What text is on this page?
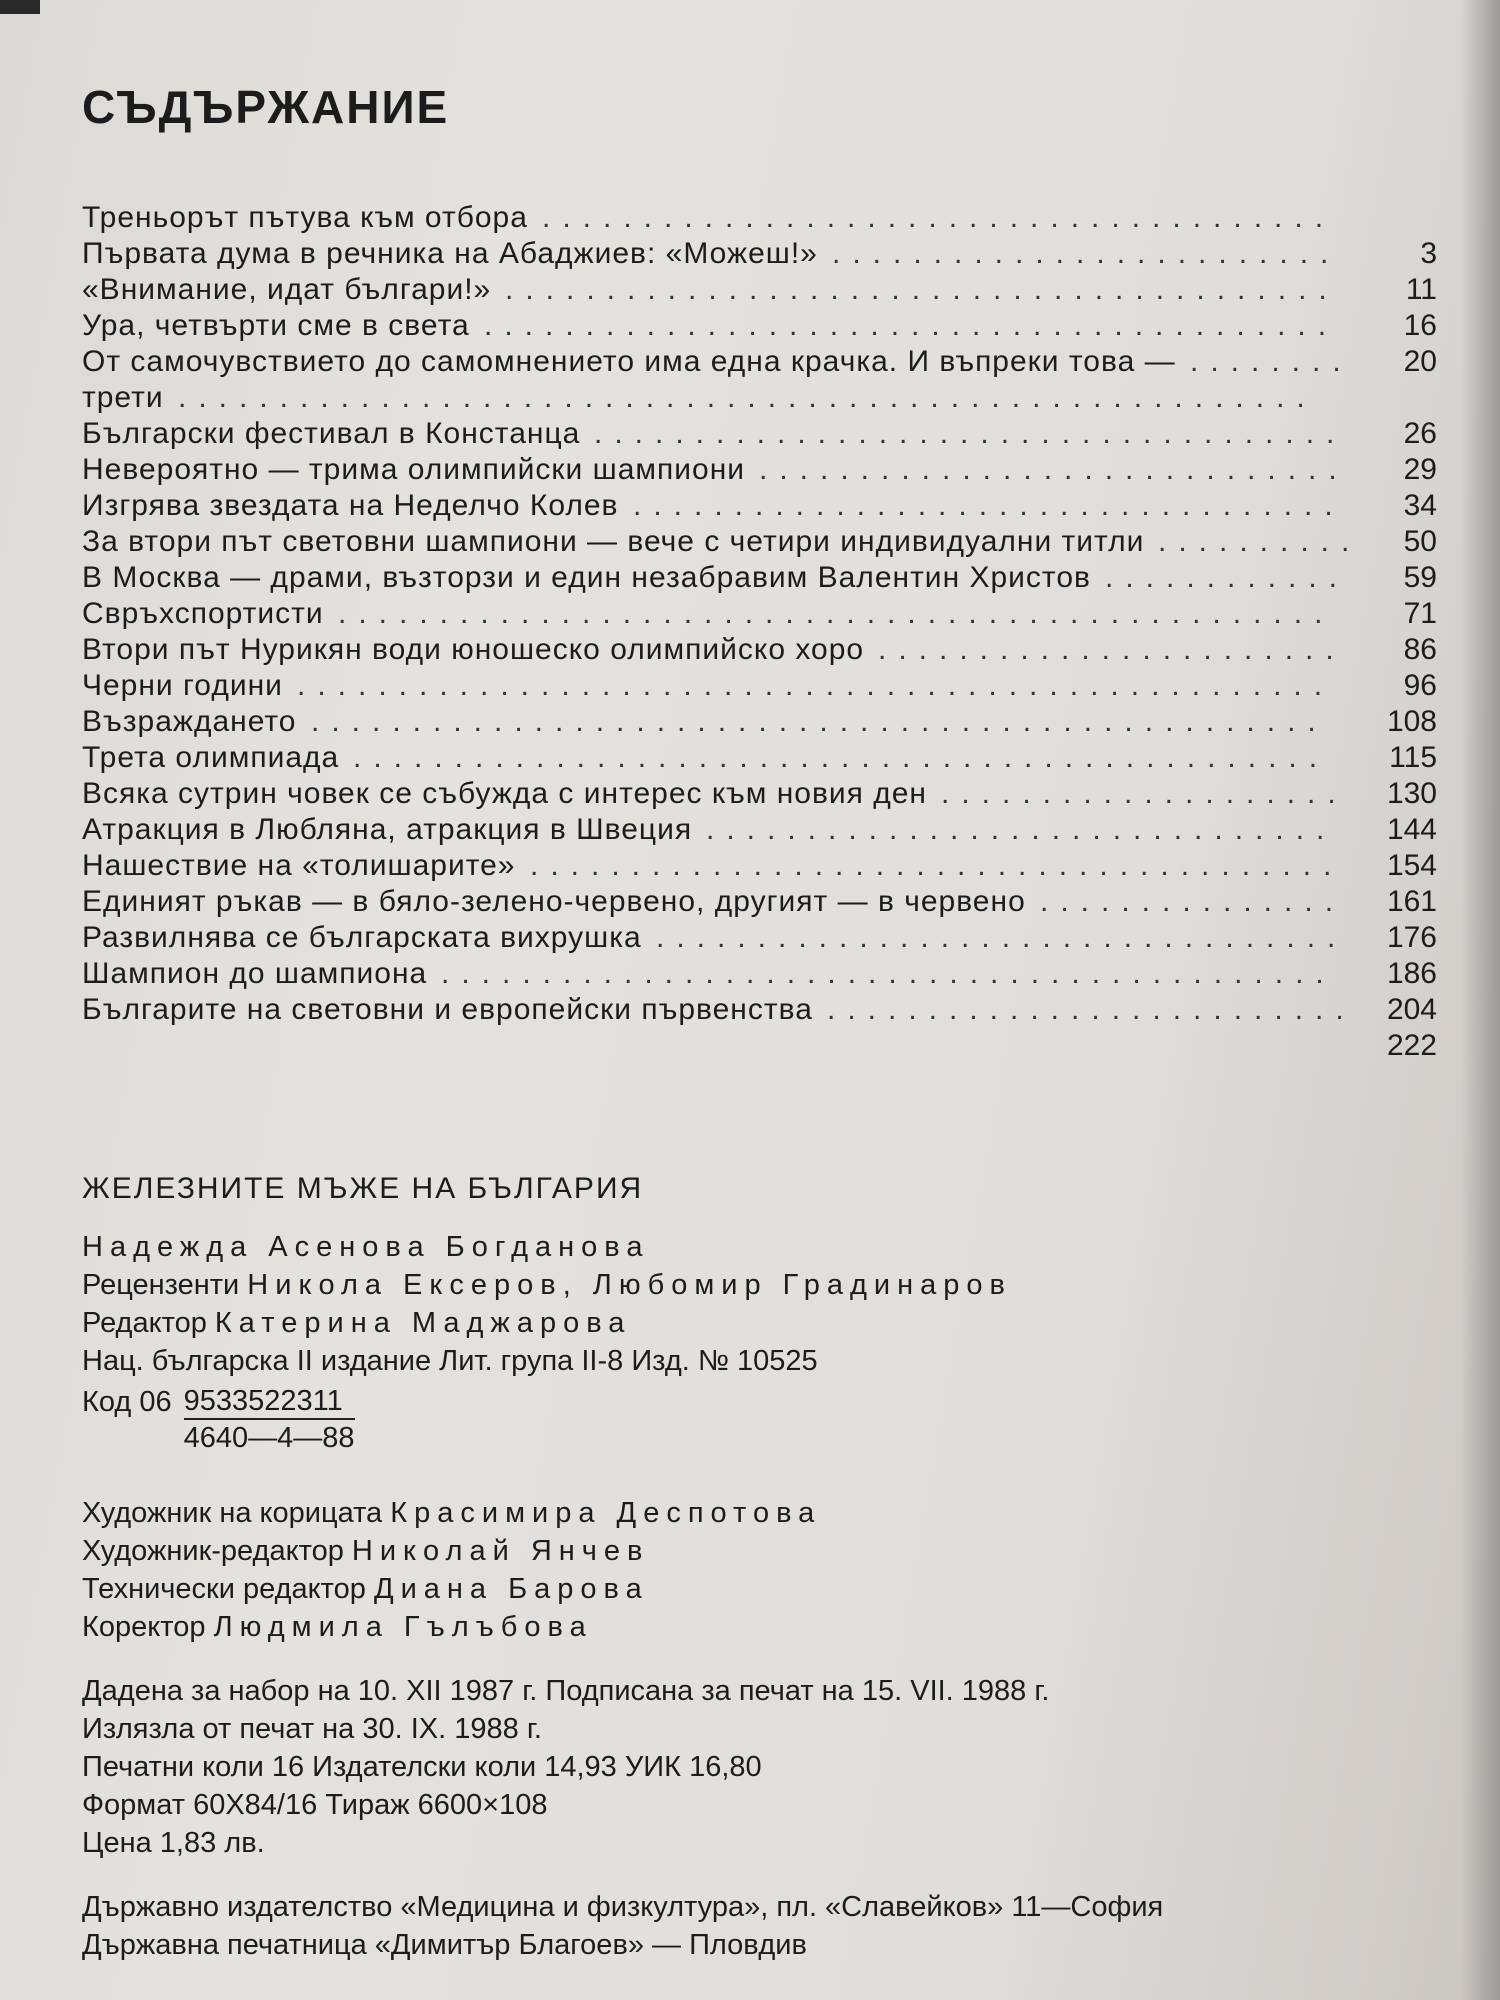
СЪДЪРЖАНИЕ
Треньорът пътува към отбора .......................................
Първата дума в речника на Абаджиев: «Можеш!» .........................	3
«Внимание, идат българи!» .........................................	11
Ура, четвърти сме в света ..........................................	16
От самочувствието до самомнението има една крачка. И въпреки това — ........	20
трети ........................................................
Български фестивал в Констанца .....................................	26
Невероятно — трима олимпийски шампиони .............................	29
Изгрява звездата на Неделчо Колев ...................................	34
За втори път световни шампиони — вече с четири индивидуални титли ..........	50
В Москва — драми, възторзи и един незабравим Валентин Христов ............	59
Свръхспортисти .................................................	71
Втори път Нурикян води юношеско олимпийско хоро .......................	86
Черни години ...................................................	96
Възраждането ..................................................	108
Трета олимпиада ................................................	115
Всяка сутрин човек се събужда с интерес към новия ден ....................	130
Атракция в Любляна, атракция в Швеция ...............................	144
Нашествие на «толишарите» ........................................	154
Единият ръкав — в бяло-зелено-червено, другият — в червено ...............	161
Развилнява се българската вихрушка ..................................	176
Шампион до шампиона ............................................	186
Българите на световни и европейски първенства ..........................	204
222
ЖЕЛЕЗНИТЕ МЪЖЕ НА БЪЛГАРИЯ
Надежда Асенова Богданова
Рецензенти Никола Ексеров, Любомир Градинаров
Редактор Катерина Маджарова
Нац. българска II издание Лит. група II-8 Изд. № 10525
Код $06 \frac{9533522311}{4640—4—88}$
Художник на корицата Красимира Деспотова
Художник-редактор Николай Янчев
Технически редактор Диана Барова
Коректор Людмила Гълъбова
Дадена за набор на 10. XII 1987 г. Подписана за печат на 15. VII. 1988 г.
Излязла от печат на 30. IX. 1988 г.
Печатни коли 16 Издателски коли 14,93 УИК 16,80
Формат 60Х84/16 Тираж 6600×108
Цена 1,83 лв.
Държавно издателство «Медицина и физкултура», пл. «Славейков» 11—София
Държавна печатница «Димитър Благоев» — Пловдив
